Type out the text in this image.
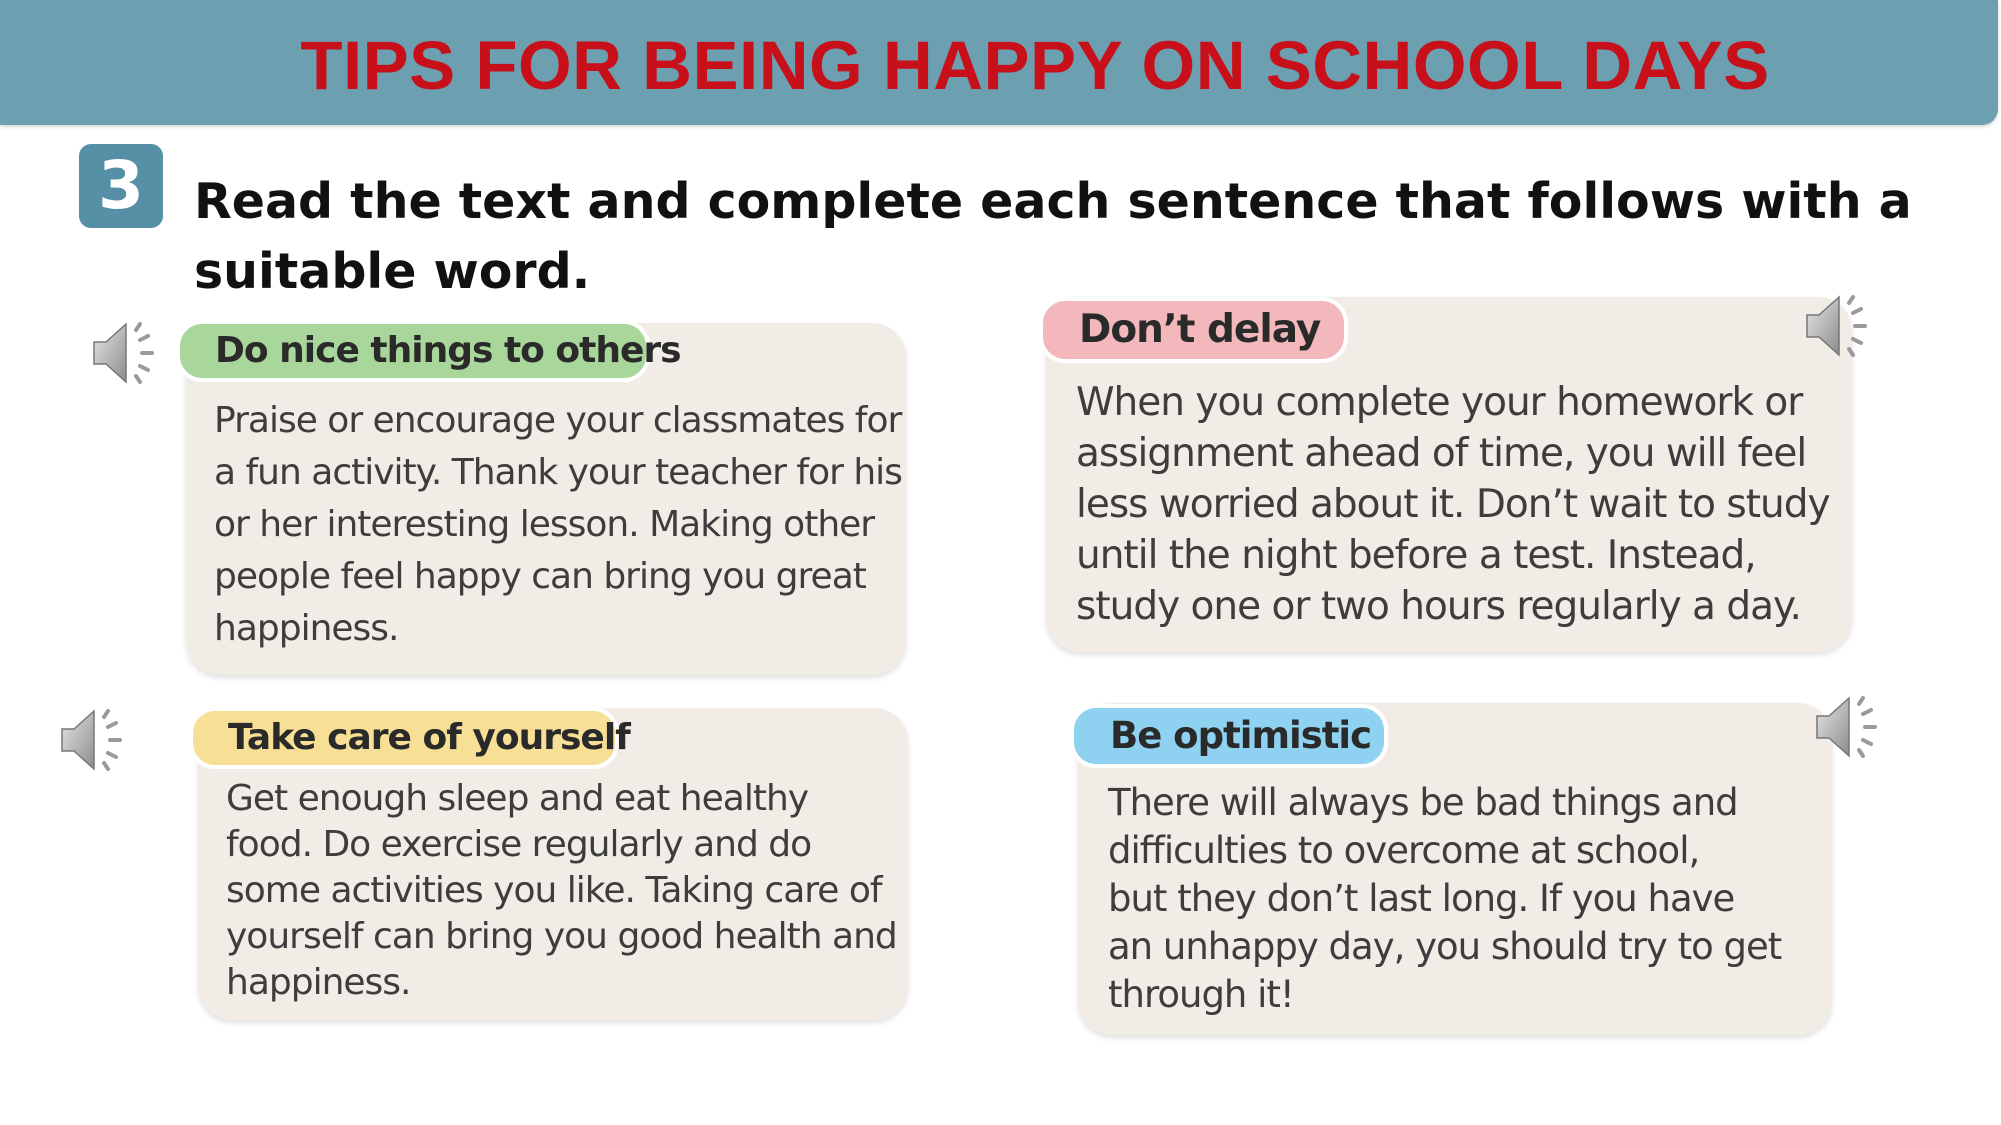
TIPS FOR BEING HAPPY ON SCHOOL DAYS
3	Read the text and complete each sentence that follows with a suitable word.
Praise or encourage your classmates for
a fun activity. Thank your teacher for his
or her interesting lesson. Making other
people feel happy can bring you great
happiness.
Do nice things to others
When you complete your homework or
assignment ahead of time, you will feel
less worried about it. Don’t wait to study
until the night before a test. Instead,
study one or two hours regularly a day.
Don’t delay
Get enough sleep and eat healthy
food. Do exercise regularly and do
some activities you like. Taking care of
yourself can bring you good health and
happiness.
Take care of yourself
There will always be bad things and
difficulties to overcome at school,
but they don’t last long. If you have
an unhappy day, you should try to get
through it!
Be optimistic
